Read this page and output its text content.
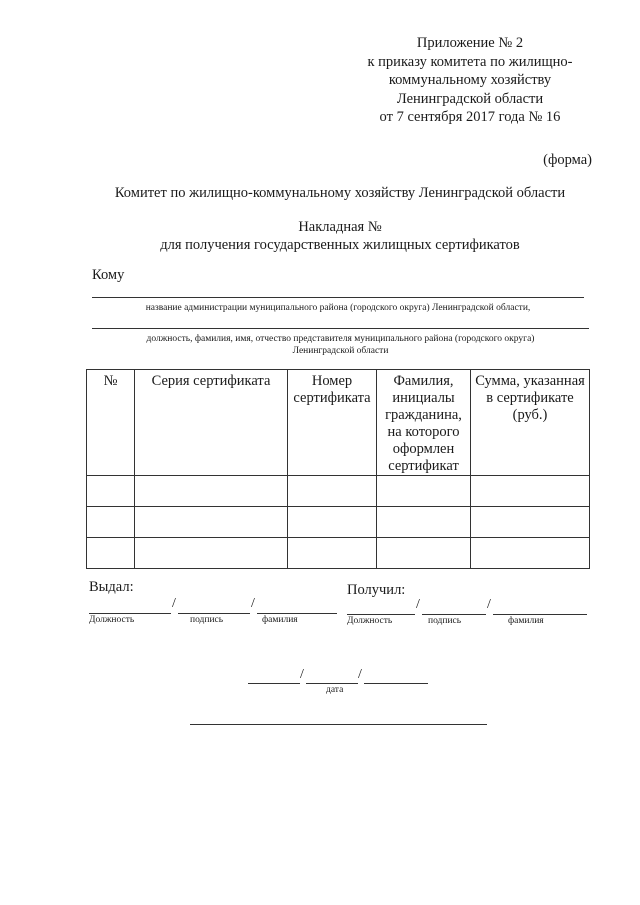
Приложение № 2
к приказу комитета по жилищно-
коммунальному хозяйству
Ленинградской области
от 7 сентября 2017 года № 16
(форма)
Комитет по жилищно-коммунальному хозяйству Ленинградской области
Накладная №
для получения государственных жилищных сертификатов
Кому
название администрации муниципального района (городского округа) Ленинградской области,
должность, фамилия, имя, отчество представителя муниципального района (городского округа)
Ленинградской области
№	Серия сертификата	Номер сертификата	Фамилия, инициалы гражданина, на которого оформлен сертификат	Сумма, указанная в сертификате (руб.)

Выдал:
/	/
Должность	подпись	фамилия
Получил:
/	/
Должность	подпись	фамилия
/	/
дата
